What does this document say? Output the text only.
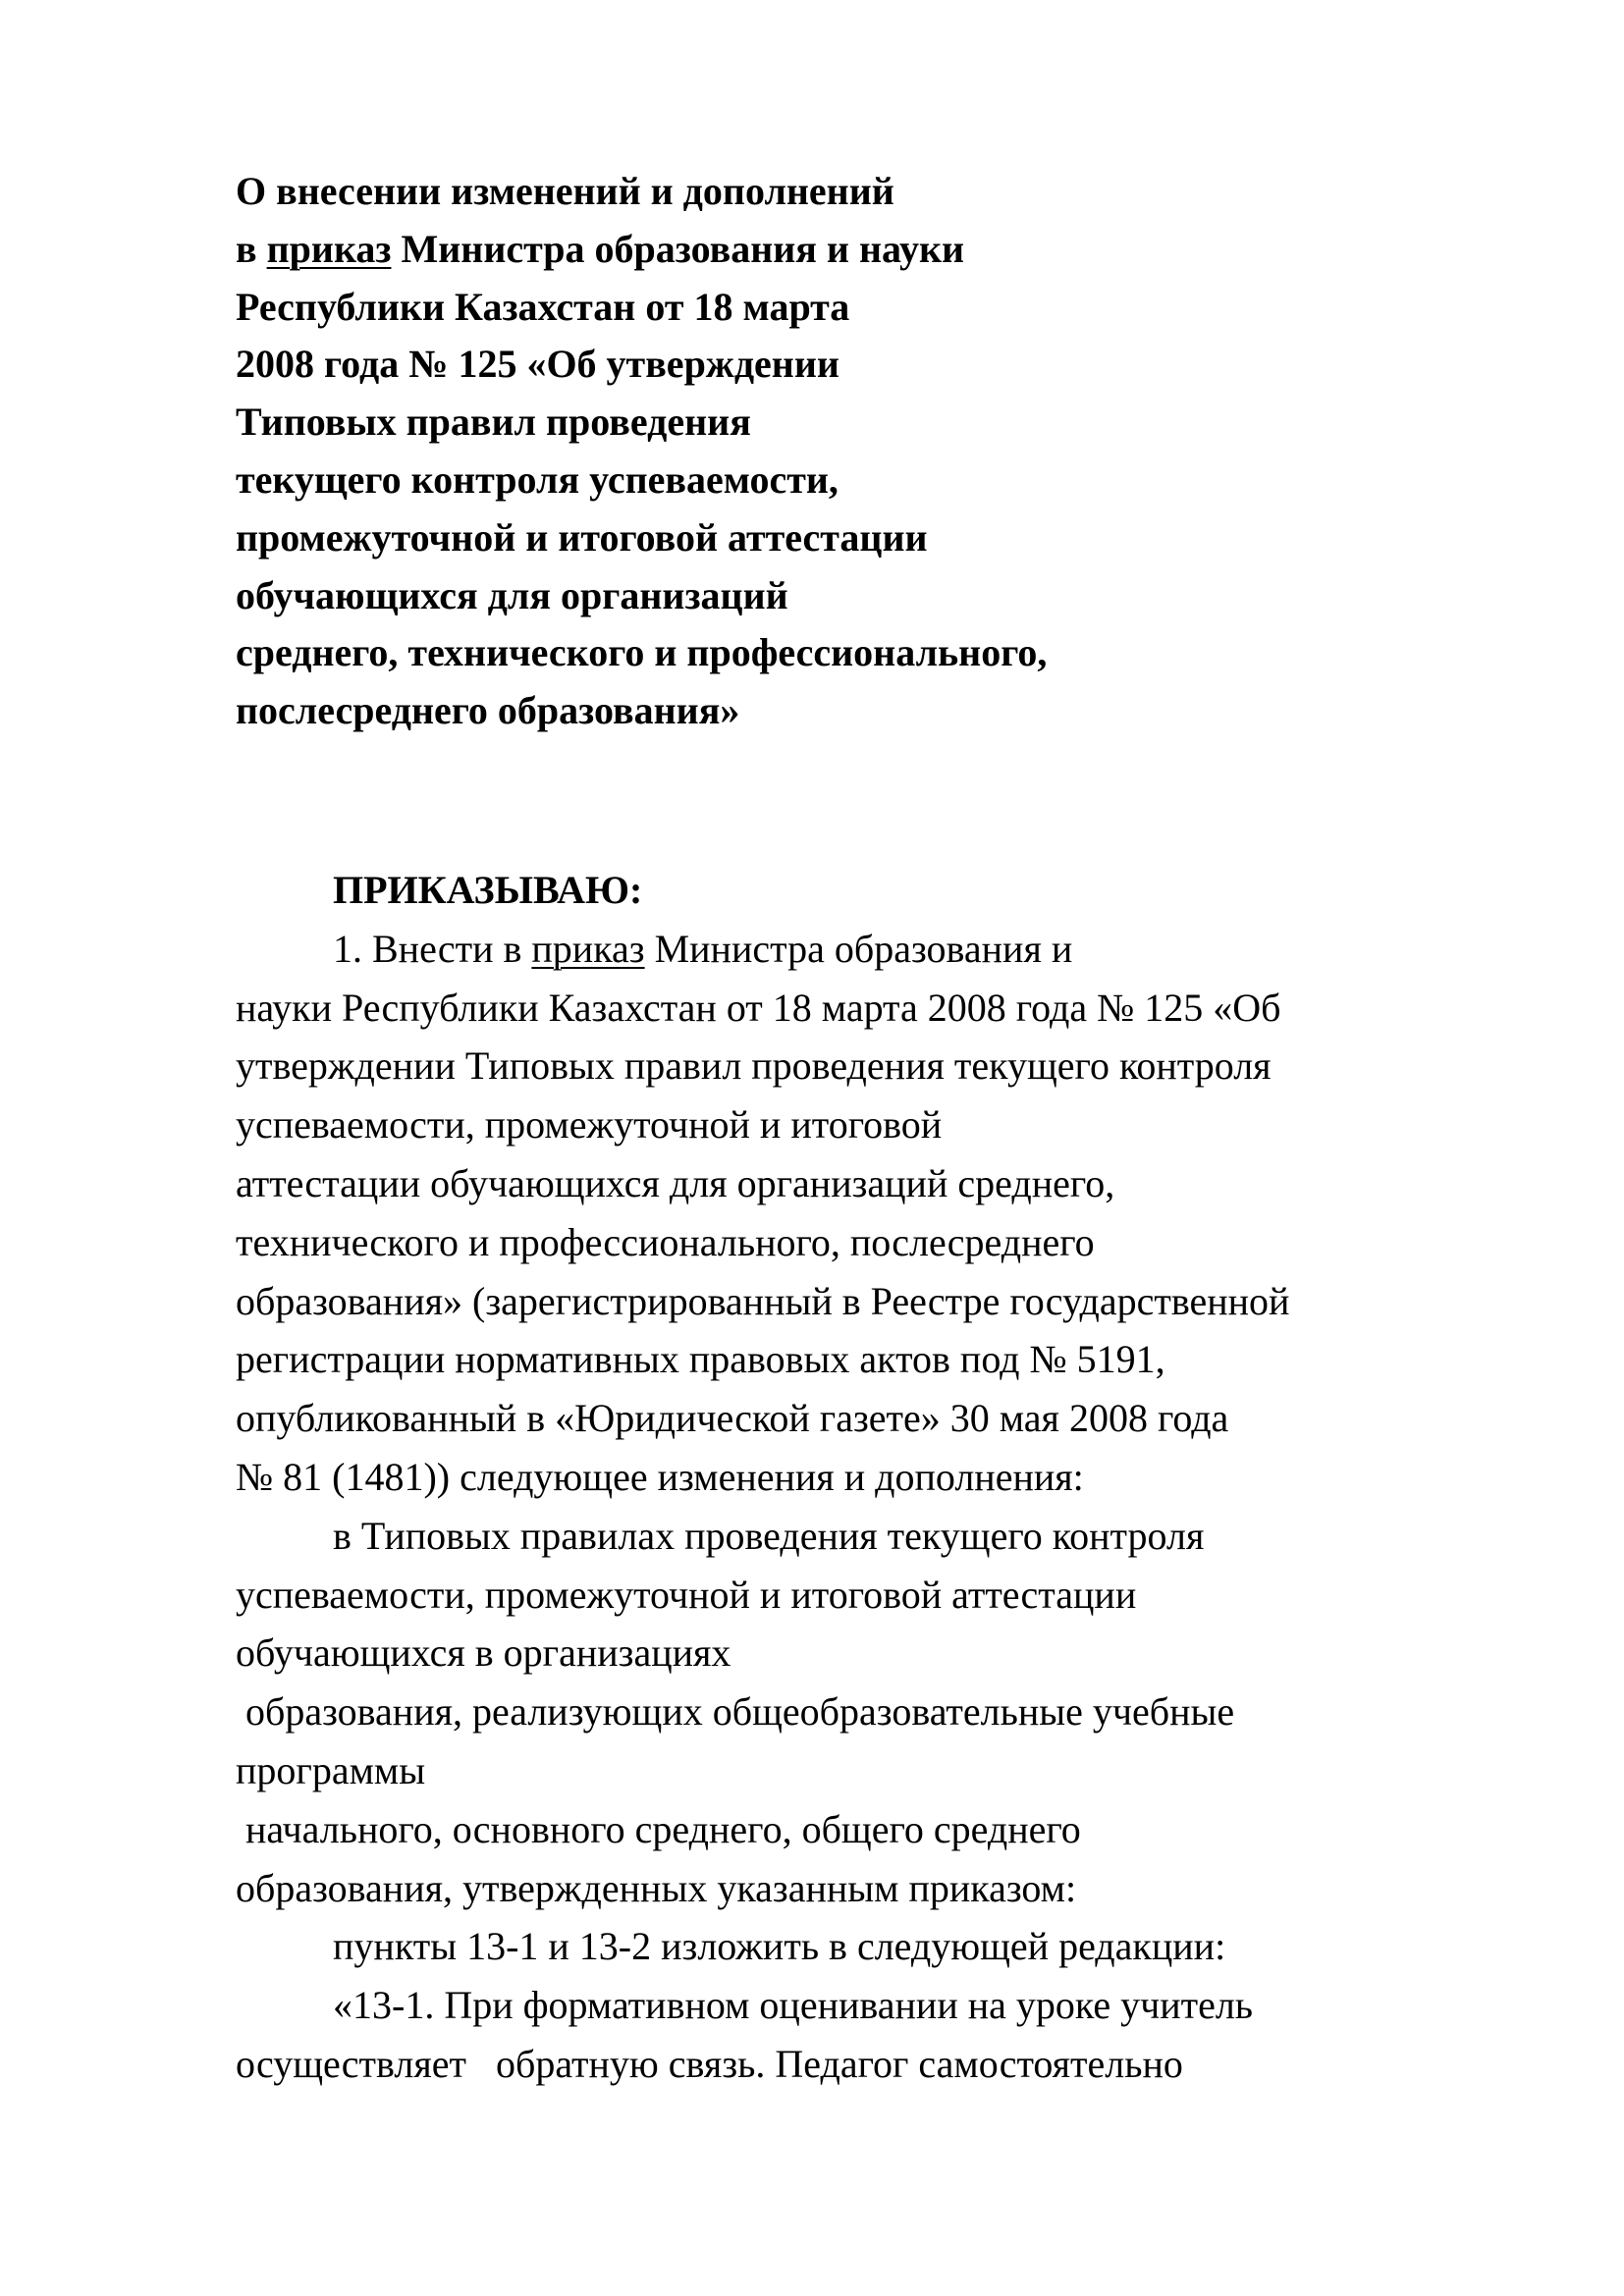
О внесении изменений и дополнений
в приказ Министра образования и науки
Республики Казахстан от 18 марта
2008 года № 125 «Об утверждении
Типовых правил проведения
текущего контроля успеваемости,
промежуточной и итоговой аттестации
обучающихся для организаций
среднего, технического и профессионального,
послесреднего образования»
ПРИКАЗЫВАЮ:
1. Внести в приказ Министра образования и
науки Республики Казахстан от 18 марта 2008 года № 125 «Об
утверждении Типовых правил проведения текущего контроля
успеваемости, промежуточной и итоговой
аттестации обучающихся для организаций среднего,
технического и профессионального, послесреднего
образования» (зарегистрированный в Реестре государственной
регистрации нормативных правовых актов под № 5191,
опубликованный в «Юридической газете» 30 мая 2008 года
№ 81 (1481)) следующее изменения и дополнения:
в Типовых правилах проведения текущего контроля
успеваемости, промежуточной и итоговой аттестации
обучающихся в организациях
образования, реализующих общеобразовательные учебные
программы
начального, основного среднего, общего среднего
образования, утвержденных указанным приказом:
пункты 13-1 и 13-2 изложить в следующей редакции:
«13-1. При формативном оценивании на уроке учитель
осуществляет   обратную связь. Педагог самостоятельно
